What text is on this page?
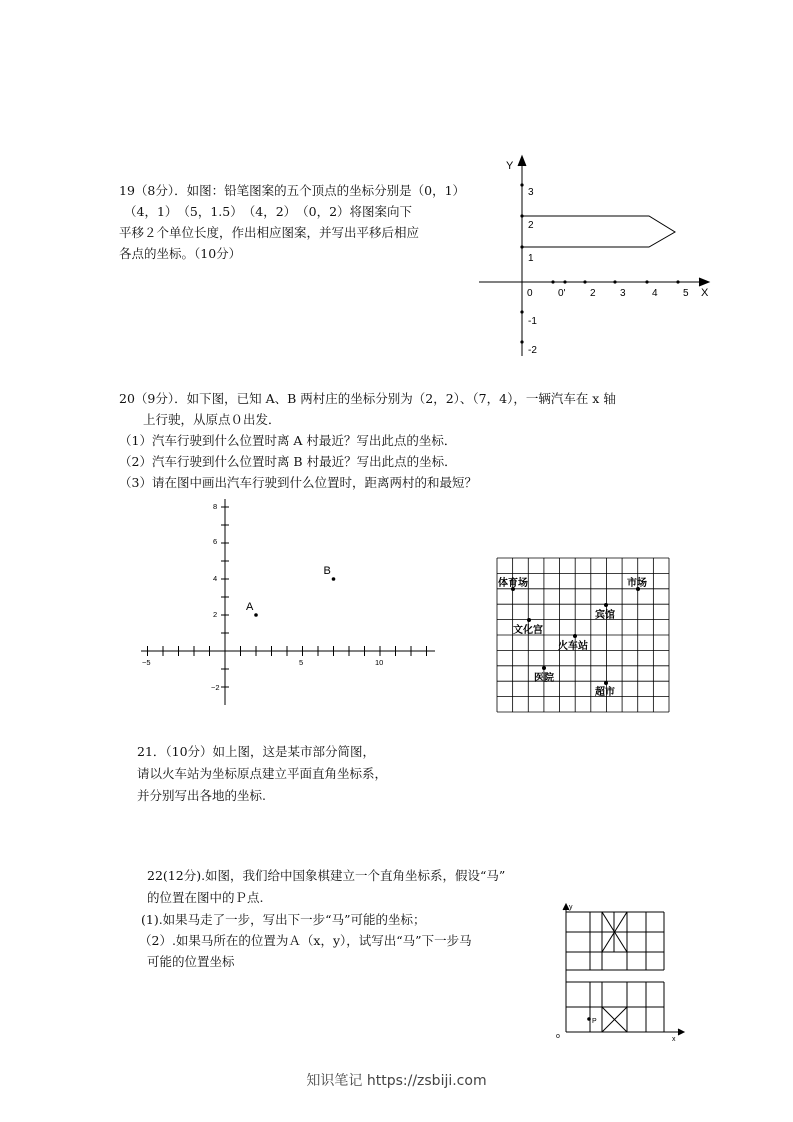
19（8分）．如图：铅笔图案的五个顶点的坐标分别是（0，1）
（4，1）　（5，1.5）　（4，2）　（0，2）将图案向下
平移２个单位长度，作出相应图案，并写出平移后相应
各点的坐标。（10分）
Y
X
0	0' 2 3	4	5
3
2
1
-1
-2
20（9分）．如下图，已知 A、B 两村庄的坐标分别为（2，2）、（7，4），一辆汽车在 x 轴
上行驶，从原点０出发．
（1）汽车行驶到什么位置时离 A 村最近？写出此点的坐标．
（2）汽车行驶到什么位置时离 B 村最近？写出此点的坐标．
（3）请在图中画出汽车行驶到什么位置时，距离两村的和最短？
−5	5	10
8
6
4
2
−2
A
B
体育场	市场
宾馆
文化宫
火车站
医院
超市
21．（10分）如上图，这是某市部分简图，
请以火车站为坐标原点建立平面直角坐标系，
并分别写出各地的坐标.
22(12分).如图，我们给中国象棋建立一个直角坐标系，假设“马”
的位置在图中的Ｐ点.
(1).如果马走了一步，写出下一步“马”可能的坐标；
（2）.如果马所在的位置为Ａ（x，y），试写出“马”下一步马
可能的位置坐标
y
x
o
P
知识笔记 https://zsbiji.com
